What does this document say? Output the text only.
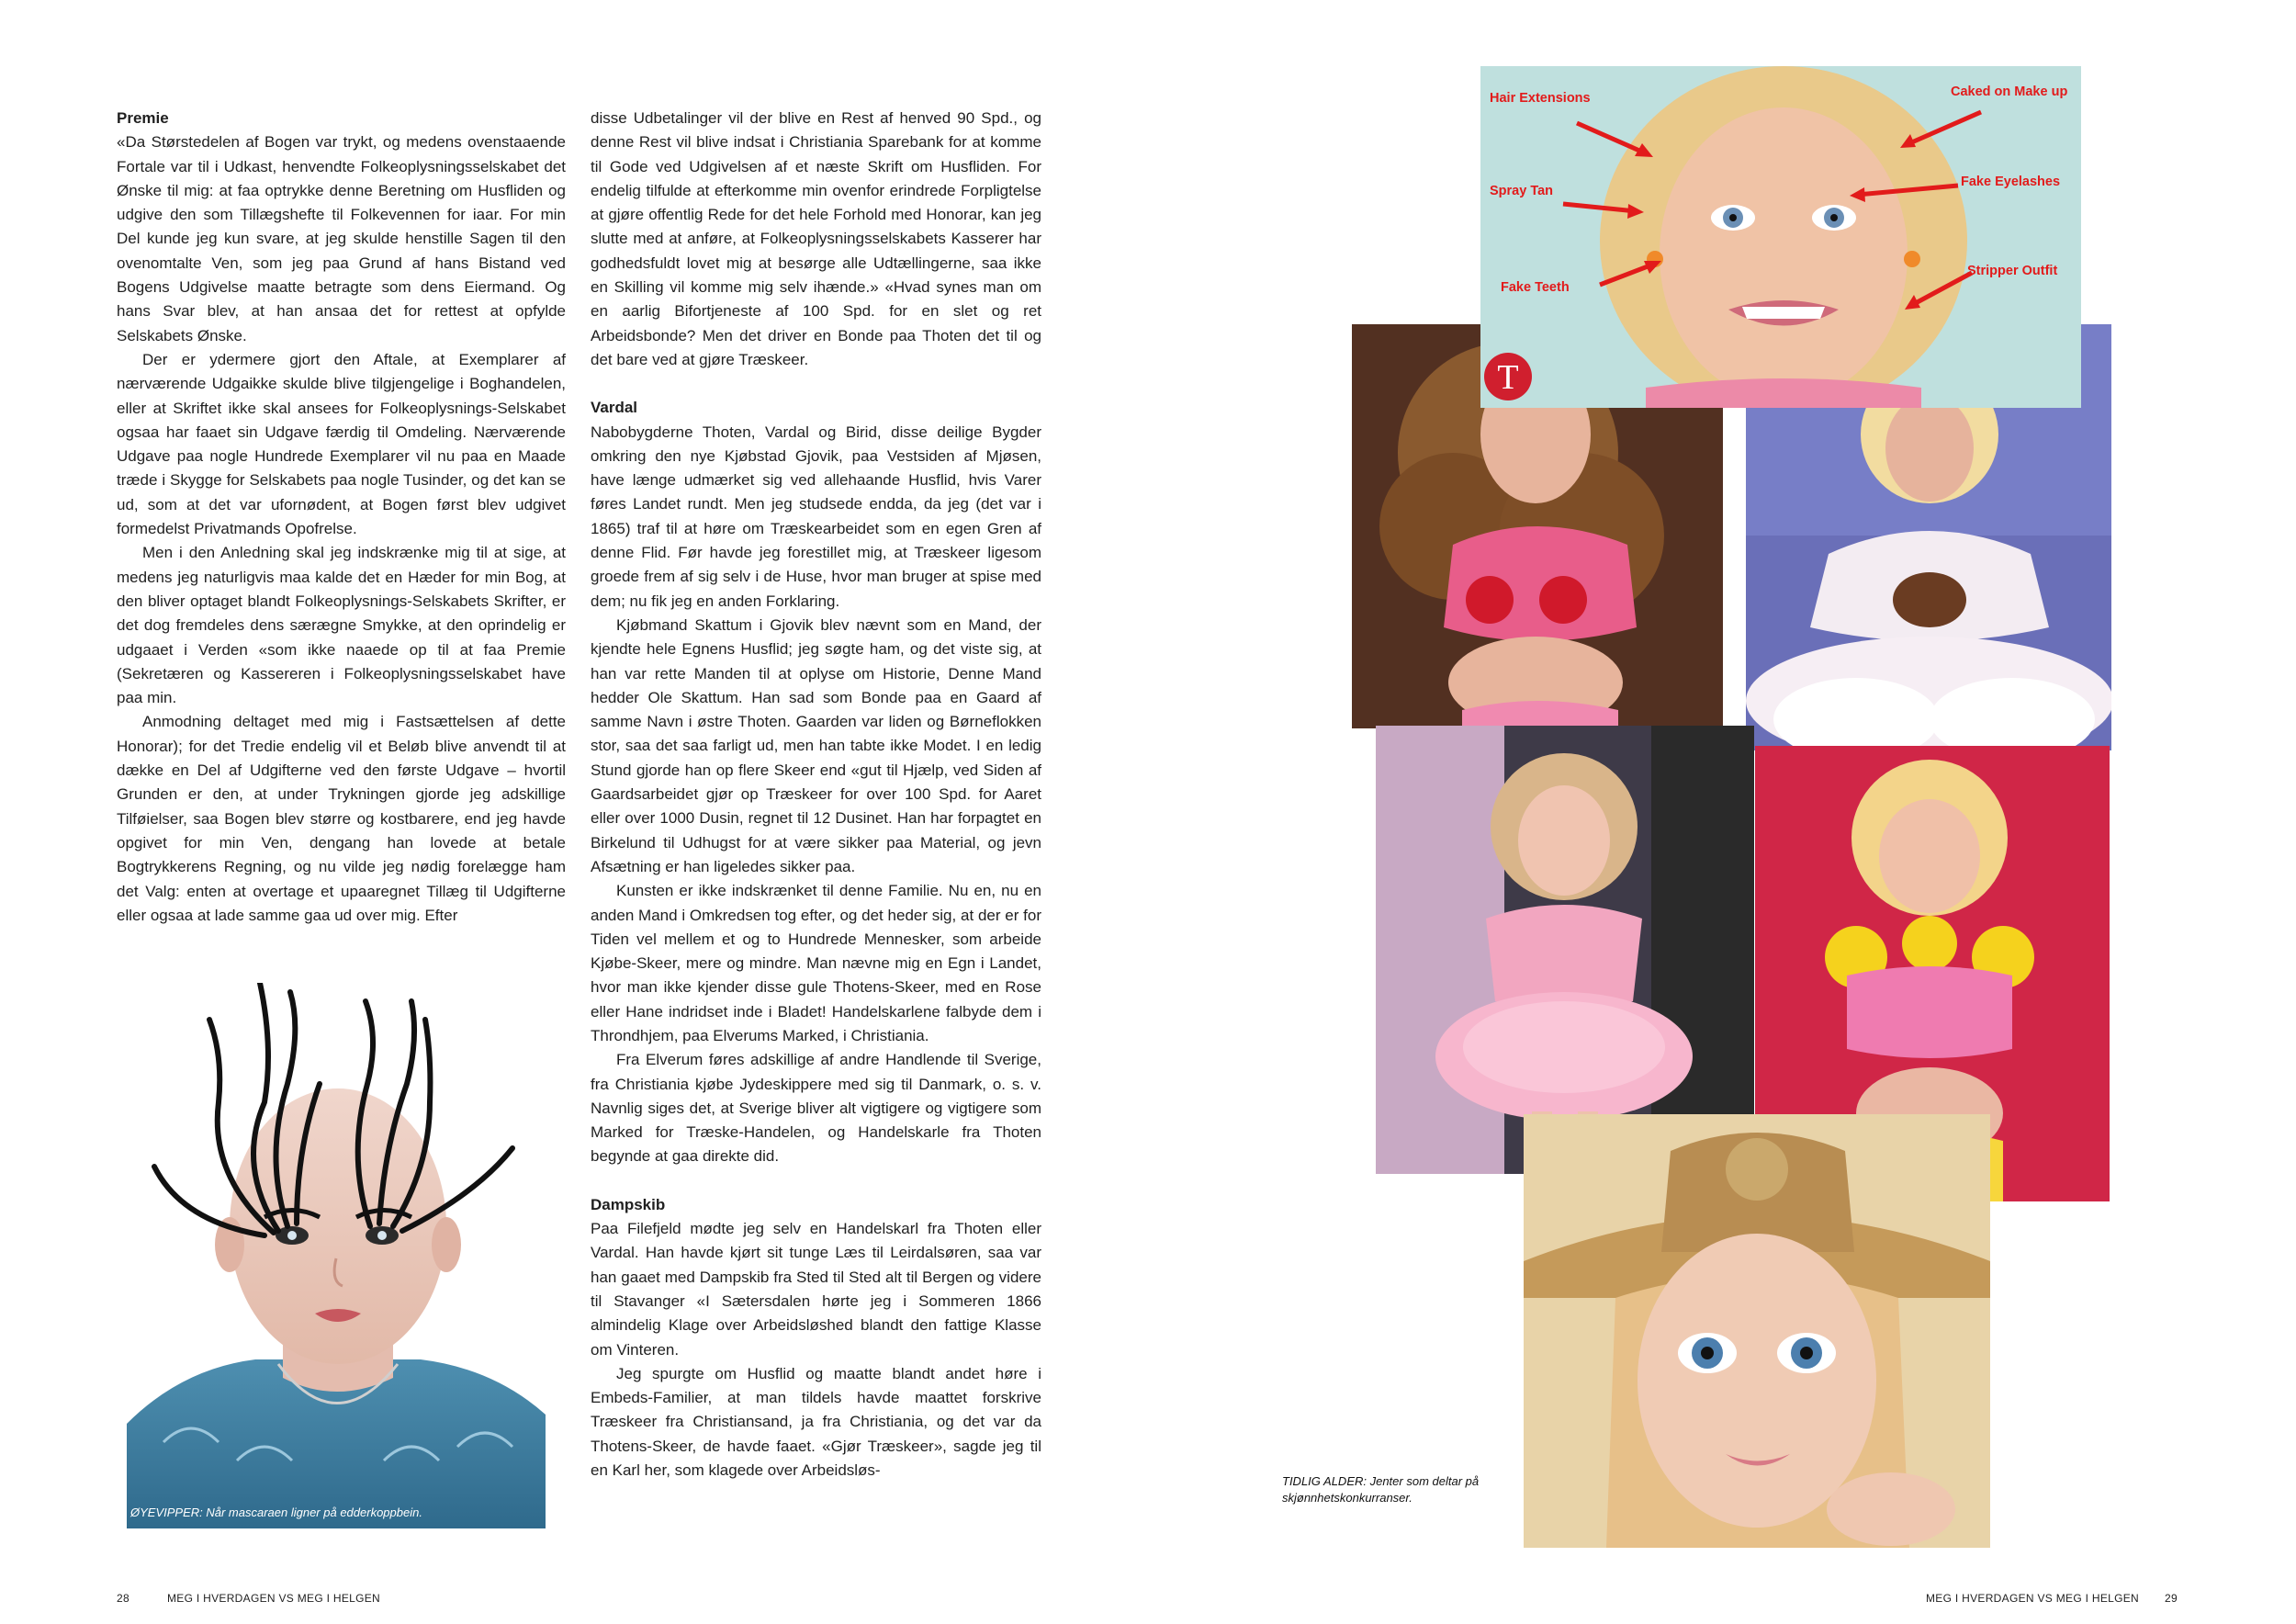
Premie

«Da Størstedelen af Bogen var trykt, og medens ovenstaaende Fortale var til i Udkast, henvendte Folkeoplysningsselskabet det Ønske til mig: at faa optrykke denne Beretning om Husfliden og udgive den som Tillægshefte til Folkevennen for iaar. For min Del kunde jeg kun svare, at jeg skulde henstille Sagen til den ovenomtalte Ven, som jeg paa Grund af hans Bistand ved Bogens Udgivelse maatte betragte som dens Eiermand. Og hans Svar blev, at han ansaa det for rettest at opfylde Selskabets Ønske.

Der er ydermere gjort den Aftale, at Exemplarer af nærværende Udgaikke skulde blive tilgjengelige i Boghandelen, eller at Skriftet ikke skal ansees for Folkeoplysnings-Selskabet ogsaa har faaet sin Udgave færdig til Omdeling. Nærværende Udgave paa nogle Hundrede Exemplarer vil nu paa en Maade træde i Skygge for Selskabets paa nogle Tusinder, og det kan se ud, som at det var ufornødent, at Bogen først blev udgivet formedelst Privatmands Opofrelse.

Men i den Anledning skal jeg indskrænke mig til at sige, at medens jeg naturligvis maa kalde det en Hæder for min Bog, at den bliver optaget blandt Folkeoplysnings-Selskabets Skrifter, er det dog fremdeles dens særægne Smykke, at den oprindelig er udgaaet i Verden «som ikke naaede op til at faa Premie (Sekretæren og Kassereren i Folkeoplysningsselskabet have paa min.

Anmodning deltaget med mig i Fastsættelsen af dette Honorar); for det Tredie endelig vil et Beløb blive anvendt til at dække en Del af Udgifterne ved den første Udgave – hvortil Grunden er den, at under Trykningen gjorde jeg adskillige Tilføielser, saa Bogen blev større og kostbarere, end jeg havde opgivet for min Ven, dengang han lovede at betale Bogtrykkerens Regning, og nu vilde jeg nødig forelægge ham det Valg: enten at overtage et upaaregnet Tillæg til Udgifterne eller ogsaa at lade samme gaa ud over mig. Efter

disse Udbetalinger vil der blive en Rest af henved 90 Spd., og denne Rest vil blive indsat i Christiania Sparebank for at komme til Gode ved Udgivelsen af et næste Skrift om Husfliden. For endelig tilfulde at efterkomme min ovenfor erindrede Forpligtelse at gjøre offentlig Rede for det hele Forhold med Honorar, kan jeg slutte med at anføre, at Folkeoplysningsselskabets Kasserer har godhedsfuldt lovet mig at besørge alle Udtællingerne, saa ikke en Skilling vil komme mig selv ihænde.» «Hvad synes man om en aarlig Bifortjeneste af 100 Spd. for en slet og ret Arbeidsbonde? Men det driver en Bonde paa Thoten det til og det bare ved at gjøre Træskeer.

Vardal

Nabobygderne Thoten, Vardal og Birid, disse deilige Bygder omkring den nye Kjøbstad Gjovik, paa Vestsiden af Mjøsen, have længe udmærket sig ved allehaande Husflid, hvis Varer føres Landet rundt. Men jeg studsede endda, da jeg (det var i 1865) traf til at høre om Træskearbeidet som en egen Gren af denne Flid. Før havde jeg forestillet mig, at Træskeer ligesom groede frem af sig selv i de Huse, hvor man bruger at spise med dem; nu fik jeg en anden Forklaring.

Kjøbmand Skattum i Gjovik blev nævnt som en Mand, der kjendte hele Egnens Husflid; jeg søgte ham, og det viste sig, at han var rette Manden til at oplyse om Historie, Denne Mand hedder Ole Skattum. Han sad som Bonde paa en Gaard af samme Navn i østre Thoten. Gaarden var liden og Børneflokken stor, saa det saa farligt ud, men han tabte ikke Modet. I en ledig Stund gjorde han op flere Skeer end «gut til Hjælp, ved Siden af Gaardsarbeidet gjør op Træskeer for over 100 Spd. for Aaret eller over 1000 Dusin, regnet til 12 Dusinet. Han har forpagtet en Birkelund til Udhugst for at være sikker paa Material, og jevn Afsætning er han ligeledes sikker paa.

Kunsten er ikke indskrænket til denne Familie. Nu en, nu en anden Mand i Omkredsen tog efter, og det heder sig, at der er for Tiden vel mellem et og to Hundrede Mennesker, som arbeide Kjøbe-Skeer, mere og mindre. Man nævne mig en Egn i Landet, hvor man ikke kjender disse gule Thotens-Skeer, med en Rose eller Hane indridset inde i Bladet! Handelskarlene falbyde dem i Throndhjem, paa Elverums Marked, i Christiania.

Fra Elverum føres adskillige af andre Handlende til Sverige, fra Christiania kjøbe Jydeskippere med sig til Danmark, o. s. v. Navnlig siges det, at Sverige bliver alt vigtigere og vigtigere som Marked for Træske-Handelen, og Handelskarle fra Thoten begynde at gaa direkte did.

Dampskib

Paa Filefjeld mødte jeg selv en Handelskarl fra Thoten eller Vardal. Han havde kjørt sit tunge Læs til Leirdalsøren, saa var han gaaet med Dampskib fra Sted til Sted alt til Bergen og videre til Stavanger «I Sætersdalen hørte jeg i Sommeren 1866 almindelig Klage over Arbeidsløshed blandt den fattige Klasse om Vinteren.

Jeg spurgte om Husflid og maatte blandt andet høre i Embeds-Familier, at man tildels havde maattet forskrive Træskeer fra Christiansand, ja fra Christiania, og det var da Thotens-Skeer, de havde faaet. «Gjør Træskeer», sagde jeg til en Karl her, som klagede over Arbeidsløs-

ØYEVIPPER: Når mascaraen ligner på edderkoppbein.
28	MEG I HVERDAGEN VS MEG I HELGEN
T
Hair Extensions
Spray Tan
Fake Teeth
Caked on Make up
Fake Eyelashes
Stripper Outfit
TIDLIG ALDER: Jenter som deltar på skjønnhetskonkurranser.
MEG I HVERDAGEN VS MEG I HELGEN 29
